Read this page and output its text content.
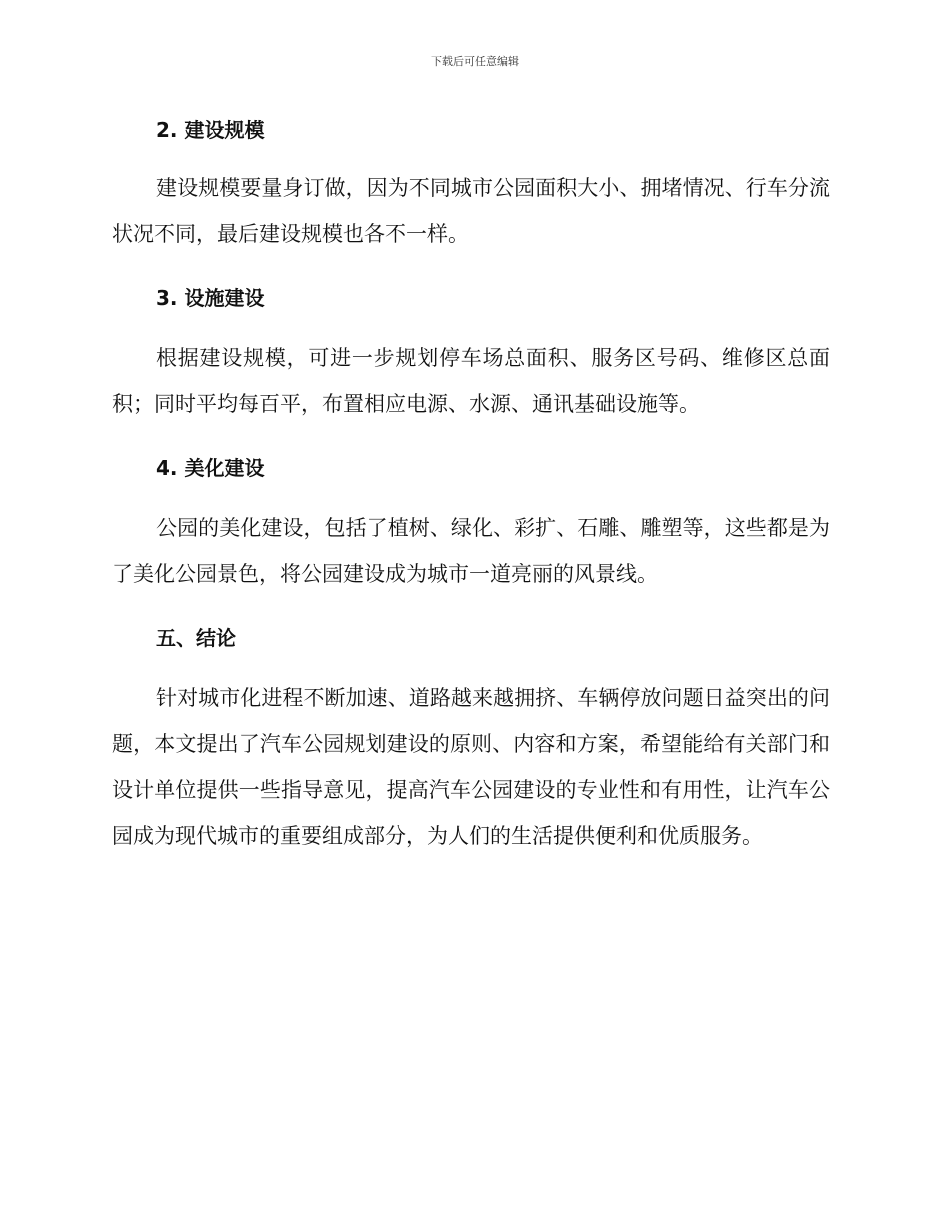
下载后可任意编辑
2. 建设规模

建设规模要量身订做，因为不同城市公园面积大小、拥堵情况、行车分流状况不同，最后建设规模也各不一样。

3. 设施建设

根据建设规模，可进一步规划停车场总面积、服务区号码、维修区总面积；同时平均每百平，布置相应电源、水源、通讯基础设施等。

4. 美化建设

公园的美化建设，包括了植树、绿化、彩扩、石雕、雕塑等，这些都是为了美化公园景色，将公园建设成为城市一道亮丽的风景线。

五、结论

针对城市化进程不断加速、道路越来越拥挤、车辆停放问题日益突出的问题，本文提出了汽车公园规划建设的原则、内容和方案，希望能给有关部门和设计单位提供一些指导意见，提高汽车公园建设的专业性和有用性，让汽车公园成为现代城市的重要组成部分，为人们的生活提供便利和优质服务。
